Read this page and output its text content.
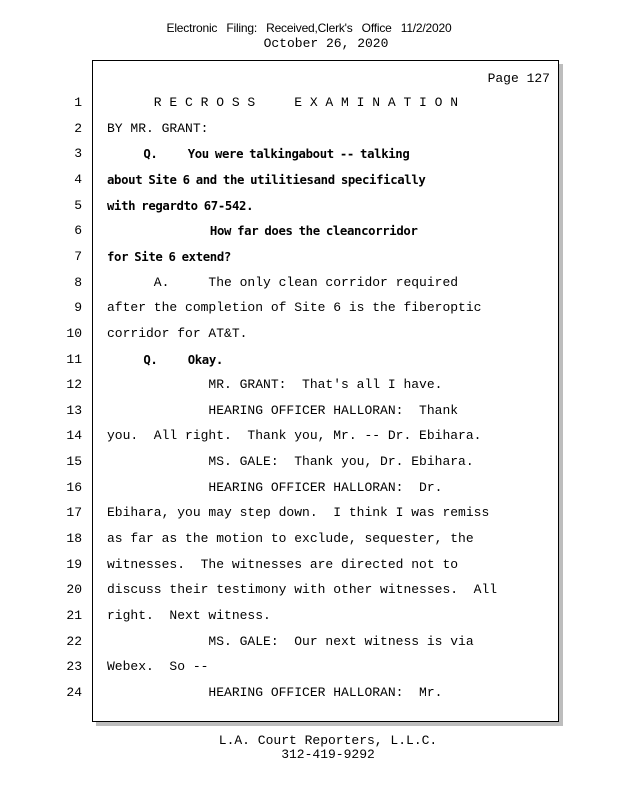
Electronic Filing: Received,Clerk's Office 11/2/2020
October 26, 2020
Page 127
1 R E C R O S S     E X A M I N A T I O N
2 BY MR. GRANT:
3 Q.     You were talkingabout -- talking
4 about Site 6 and the utilitiesand specifically
5 with regardto 67-542.
6 How far does the cleancorridor
7 for Site 6 extend?
8 A.     The only clean corridor required
9 after the completion of Site 6 is the fiberoptic
10 corridor for AT&T.
11 Q.     Okay.
12 MR. GRANT:  That's all I have.
13 HEARING OFFICER HALLORAN:  Thank
14 you.  All right.  Thank you, Mr. -- Dr. Ebihara.
15 MS. GALE:  Thank you, Dr. Ebihara.
16 HEARING OFFICER HALLORAN:  Dr.
17 Ebihara, you may step down.  I think I was remiss
18 as far as the motion to exclude, sequester, the
19 witnesses.  The witnesses are directed not to
20 discuss their testimony with other witnesses.  All
21 right.  Next witness.
22 MS. GALE:  Our next witness is via
23 Webex.  So --
24 HEARING OFFICER HALLORAN:  Mr.
L.A. Court Reporters, L.L.C.
312-419-9292
